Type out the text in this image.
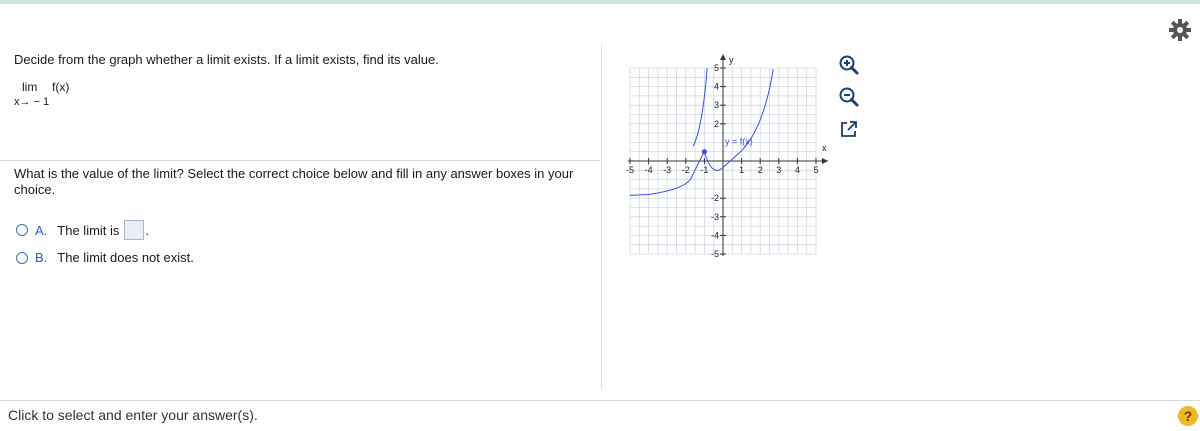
Decide from the graph whether a limit exists. If a limit exists, find its value.
lim f(x)
x→ − 1
What is the value of the limit? Select the correct choice below and fill in any answer boxes in your choice.
A. The limit is .
B. The limit does not exist.
-5 -4 -3 -2 -1	1 2 3 4 5
5
4
3
2
-2
-3
-4
-5
x
y
y = f(x)
Click to select and enter your answer(s).	?
